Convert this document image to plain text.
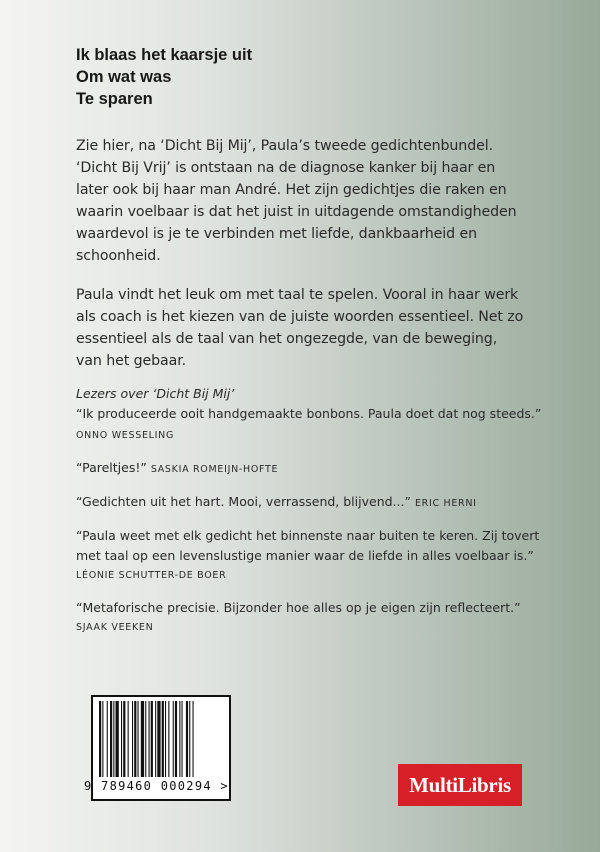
Ik blaas het kaarsje uit
Om wat was
Te sparen

Zie hier, na ‘Dicht Bij Mij’, Paula’s tweede gedichtenbundel. ‘Dicht Bij Vrij’ is ontstaan na de diagnose kanker bij haar en later ook bij haar man André. Het zijn gedichtjes die raken en waarin voelbaar is dat het juist in uitdagende omstandigheden waardevol is je te verbinden met liefde, dankbaarheid en schoonheid.

Paula vindt het leuk om met taal te spelen. Vooral in haar werk als coach is het kiezen van de juiste woorden essentieel. Net zo essentieel als de taal van het ongezegde, van de beweging, van het gebaar.

Lezers over ‘Dicht Bij Mij’
“Ik produceerde ooit handgemaakte bonbons. Paula doet dat nog steeds.” ONNO WESSELING
“Pareltjes!” SASKIA ROMEIJN-HOFTE
“Gedichten uit het hart. Mooi, verrassend, blijvend...” ERIC HERNI
“Paula weet met elk gedicht het binnenste naar buiten te keren. Zij tovert met taal op een levenslustige manier waar de liefde in alles voelbaar is.”
LÉONIE SCHUTTER-DE BOER
“Metaforische precisie. Bijzonder hoe alles op je eigen zijn reflecteert.”
SJAAK VEEKEN
9 789460 000294 >	MultiLibris
